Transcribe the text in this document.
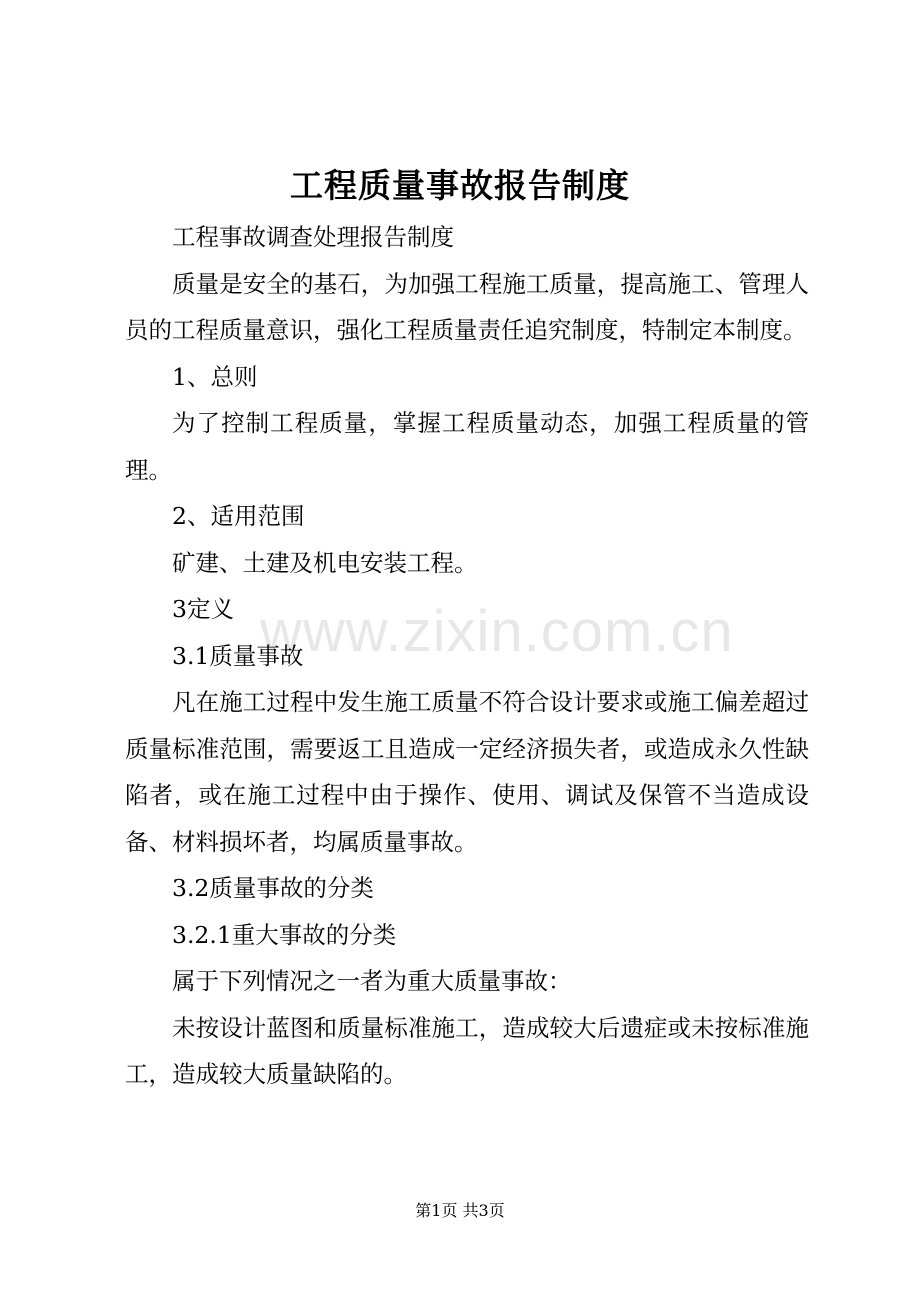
工程质量事故报告制度

工程事故调查处理报告制度

质量是安全的基石，为加强工程施工质量，提高施工、管理人员的工程质量意识，强化工程质量责任追究制度，特制定本制度。

1、总则

为了控制工程质量，掌握工程质量动态，加强工程质量的管理。

2、适用范围

矿建、土建及机电安装工程。

3定义

3.1质量事故

凡在施工过程中发生施工质量不符合设计要求或施工偏差超过质量标准范围，需要返工且造成一定经济损失者，或造成永久性缺陷者，或在施工过程中由于操作、使用、调试及保管不当造成设备、材料损坏者，均属质量事故。

3.2质量事故的分类

3.2.1重大事故的分类

属于下列情况之一者为重大质量事故：

未按设计蓝图和质量标准施工，造成较大后遗症或未按标准施工，造成较大质量缺陷的。

www.zixin.com.cn
第1页 共3页
